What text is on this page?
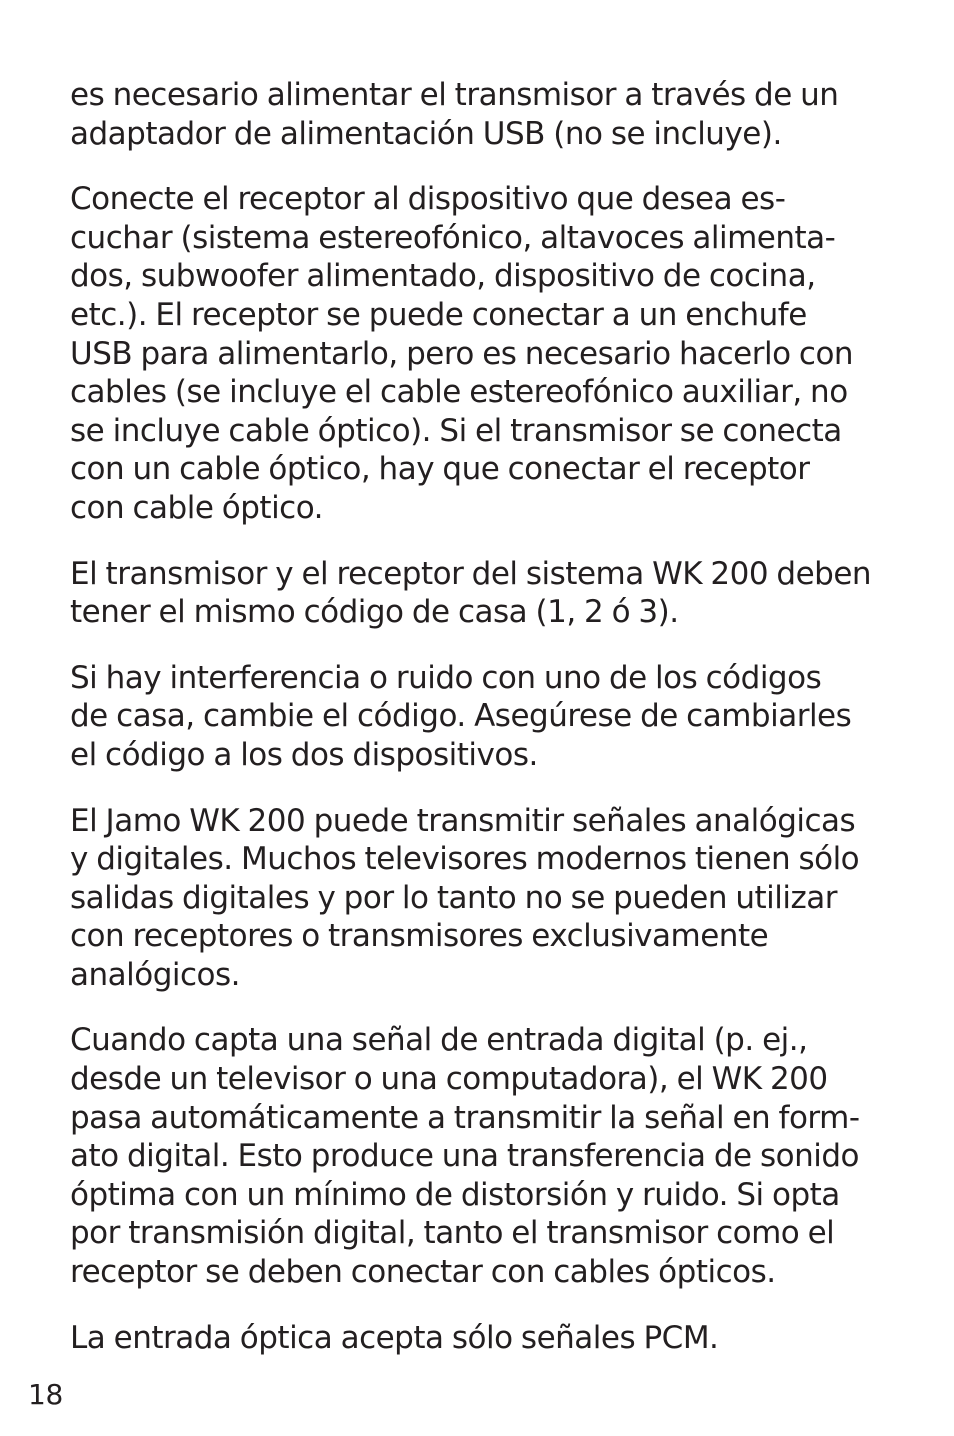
es necesario alimentar el transmisor a través de un
adaptador de alimentación USB (no se incluye).

Conecte el receptor al dispositivo que desea es-
cuchar (sistema estereofónico, altavoces alimenta-
dos, subwoofer alimentado, dispositivo de cocina,
etc.). El receptor se puede conectar a un enchufe
USB para alimentarlo, pero es necesario hacerlo con
cables (se incluye el cable estereofónico auxiliar, no
se incluye cable óptico). Si el transmisor se conecta
con un cable óptico, hay que conectar el receptor
con cable óptico.

El transmisor y el receptor del sistema WK 200 deben
tener el mismo código de casa (1, 2 ó 3).

Si hay interferencia o ruido con uno de los códigos
de casa, cambie el código. Asegúrese de cambiarles
el código a los dos dispositivos.

El Jamo WK 200 puede transmitir señales analógicas
y digitales. Muchos televisores modernos tienen sólo
salidas digitales y por lo tanto no se pueden utilizar
con receptores o transmisores exclusivamente
analógicos.

Cuando capta una señal de entrada digital (p. ej.,
desde un televisor o una computadora), el WK 200
pasa automáticamente a transmitir la señal en form-
ato digital. Esto produce una transferencia de sonido
óptima con un mínimo de distorsión y ruido. Si opta
por transmisión digital, tanto el transmisor como el
receptor se deben conectar con cables ópticos.

La entrada óptica acepta sólo señales PCM.

18
